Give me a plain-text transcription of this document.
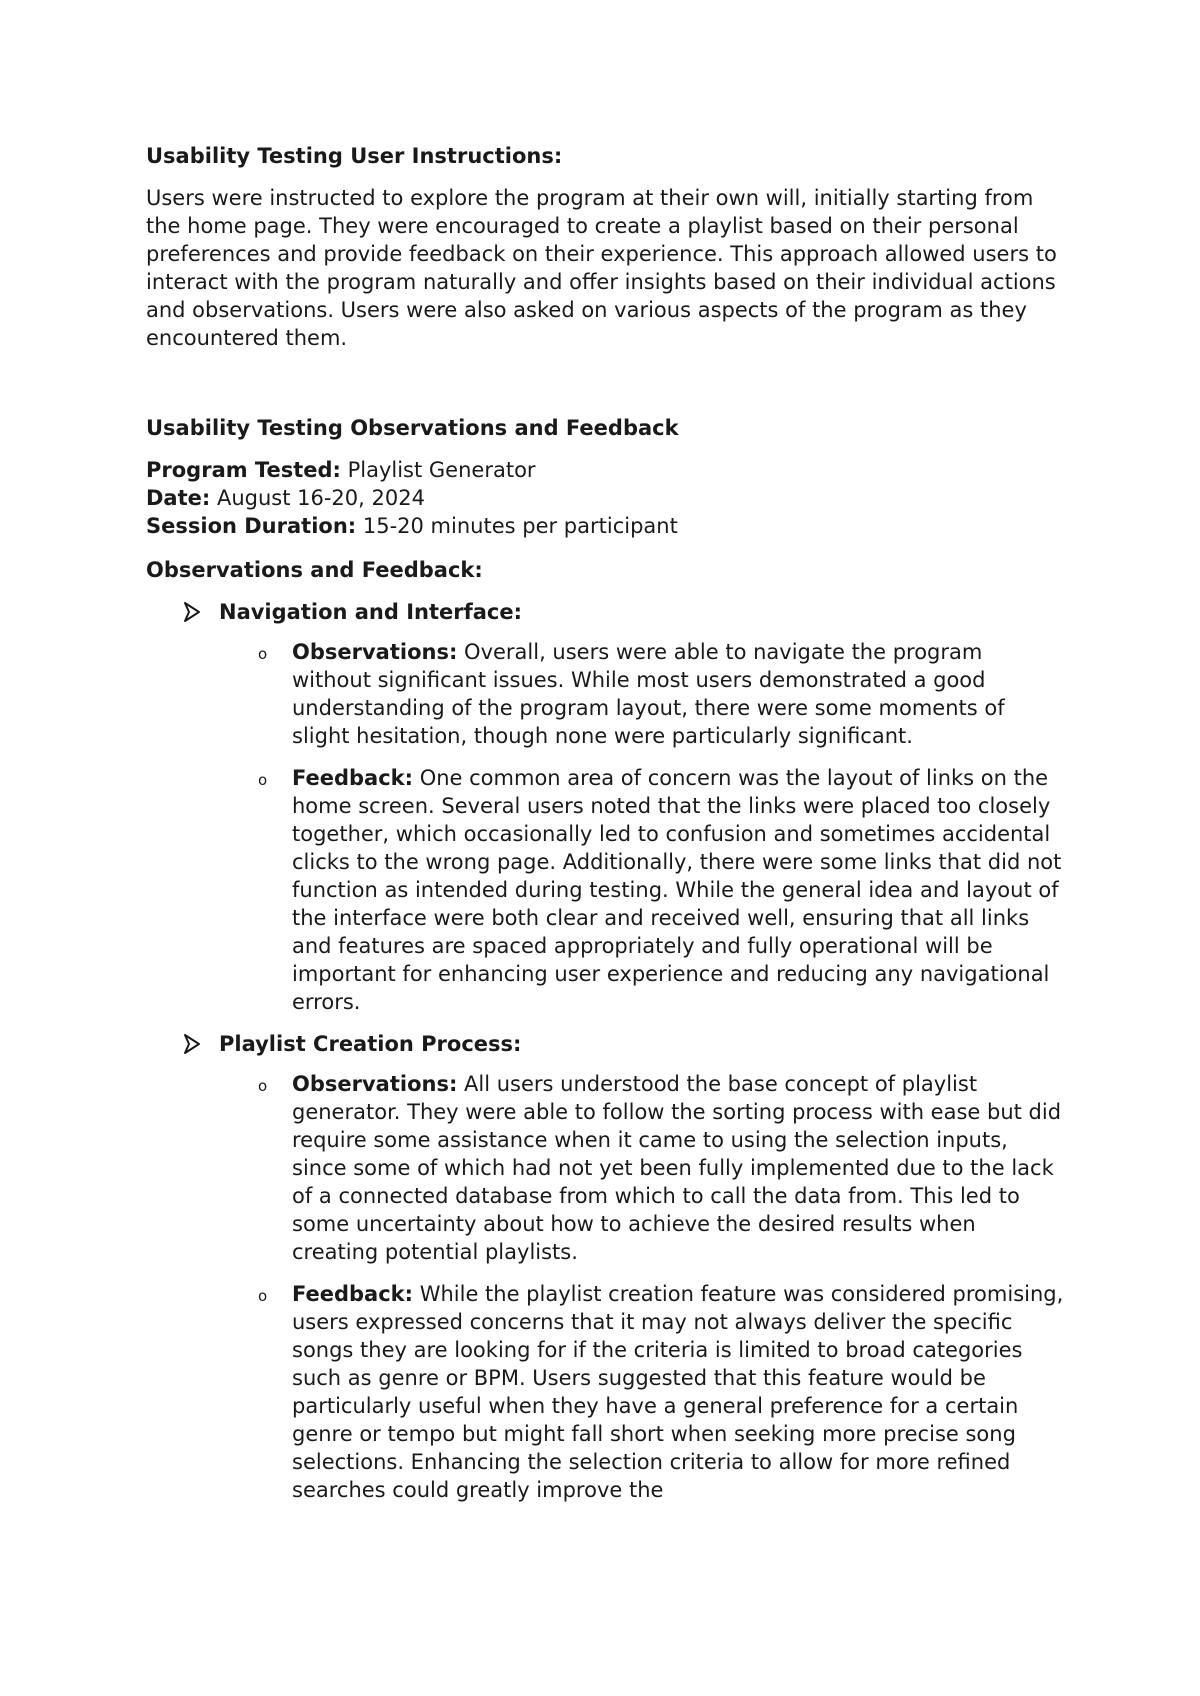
Usability Testing User Instructions:

Users were instructed to explore the program at their own will, initially starting from the home page. They were encouraged to create a playlist based on their personal preferences and provide feedback on their experience. This approach allowed users to interact with the program naturally and offer insights based on their individual actions and observations. Users were also asked on various aspects of the program as they encountered them.

Usability Testing Observations and Feedback

Program Tested: Playlist Generator

Date: August 16-20, 2024

Session Duration: 15-20 minutes per participant

Observations and Feedback:
Navigation and Interface:
o Observations: Overall, users were able to navigate the program without significant issues. While most users demonstrated a good understanding of the program layout, there were some moments of slight hesitation, though none were particularly significant.
o Feedback: One common area of concern was the layout of links on the home screen. Several users noted that the links were placed too closely together, which occasionally led to confusion and sometimes accidental clicks to the wrong page. Additionally, there were some links that did not function as intended during testing. While the general idea and layout of the interface were both clear and received well, ensuring that all links and features are spaced appropriately and fully operational will be important for enhancing user experience and reducing any navigational errors.
Playlist Creation Process:
o Observations: All users understood the base concept of playlist generator. They were able to follow the sorting process with ease but did require some assistance when it came to using the selection inputs, since some of which had not yet been fully implemented due to the lack of a connected database from which to call the data from. This led to some uncertainty about how to achieve the desired results when creating potential playlists.
o Feedback: While the playlist creation feature was considered promising, users expressed concerns that it may not always deliver the specific songs they are looking for if the criteria is limited to broad categories such as genre or BPM. Users suggested that this feature would be particularly useful when they have a general preference for a certain genre or tempo but might fall short when seeking more precise song selections. Enhancing the selection criteria to allow for more refined searches could greatly improve the
